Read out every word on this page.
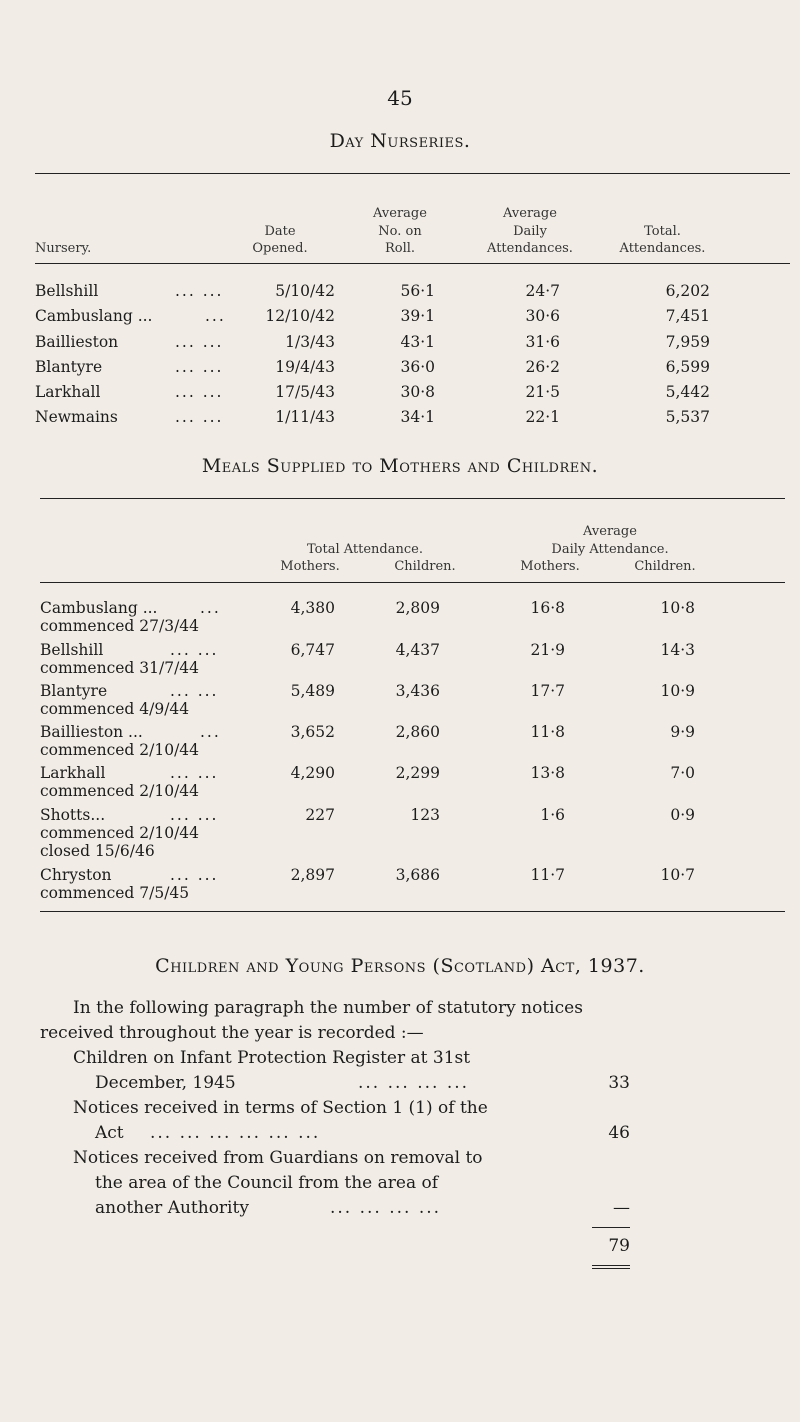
45
Day Nurseries.
Nursery.
Date
Opened.
Average
No. on
Roll.
Average
Daily
Attendances.
Total.
Attendances.
Bellshill	... ...	5/10/42	56·1	24·7	6,202
Cambuslang ...	...	12/10/42	39·1	30·6	7,451
Baillieston	... ...	1/3/43	43·1	31·6	7,959
Blantyre	... ...	19/4/43	36·0	26·2	6,599
Larkhall	... ...	17/5/43	30·8	21·5	5,442
Newmains	... ...	1/11/43	34·1	22·1	5,537
Meals Supplied to Mothers and Children.
Total Attendance.
Average
Daily Attendance.
Mothers.	Children.	Mothers.	Children.
Cambuslang ...	...
commenced 27/3/44
4,380	2,809	16·8	10·8
Bellshill	... ...
commenced 31/7/44
6,747	4,437	21·9	14·3
Blantyre	... ...
commenced 4/9/44
5,489	3,436	17·7	10·9
Baillieston ...	...
commenced 2/10/44
3,652	2,860	11·8	9·9
Larkhall	... ...
commenced 2/10/44
4,290	2,299	13·8	7·0
Shotts...	... ...
commenced 2/10/44
closed 15/6/46
227	123	1·6	0·9
Chryston	... ...
commenced 7/5/45
2,897	3,686	11·7	10·7
Children and Young Persons (Scotland) Act, 1937.
In the following paragraph the number of statutory notices
received throughout the year is recorded :—
Children on Infant Protection Register at 31st
December, 1945	... ... ... ...	33
Notices received in terms of Section 1 (1) of the
Act ... ... ... ... ... ...	46
Notices received from Guardians on removal to
the area of the Council from the area of
another Authority	... ... ... ...	—
79
